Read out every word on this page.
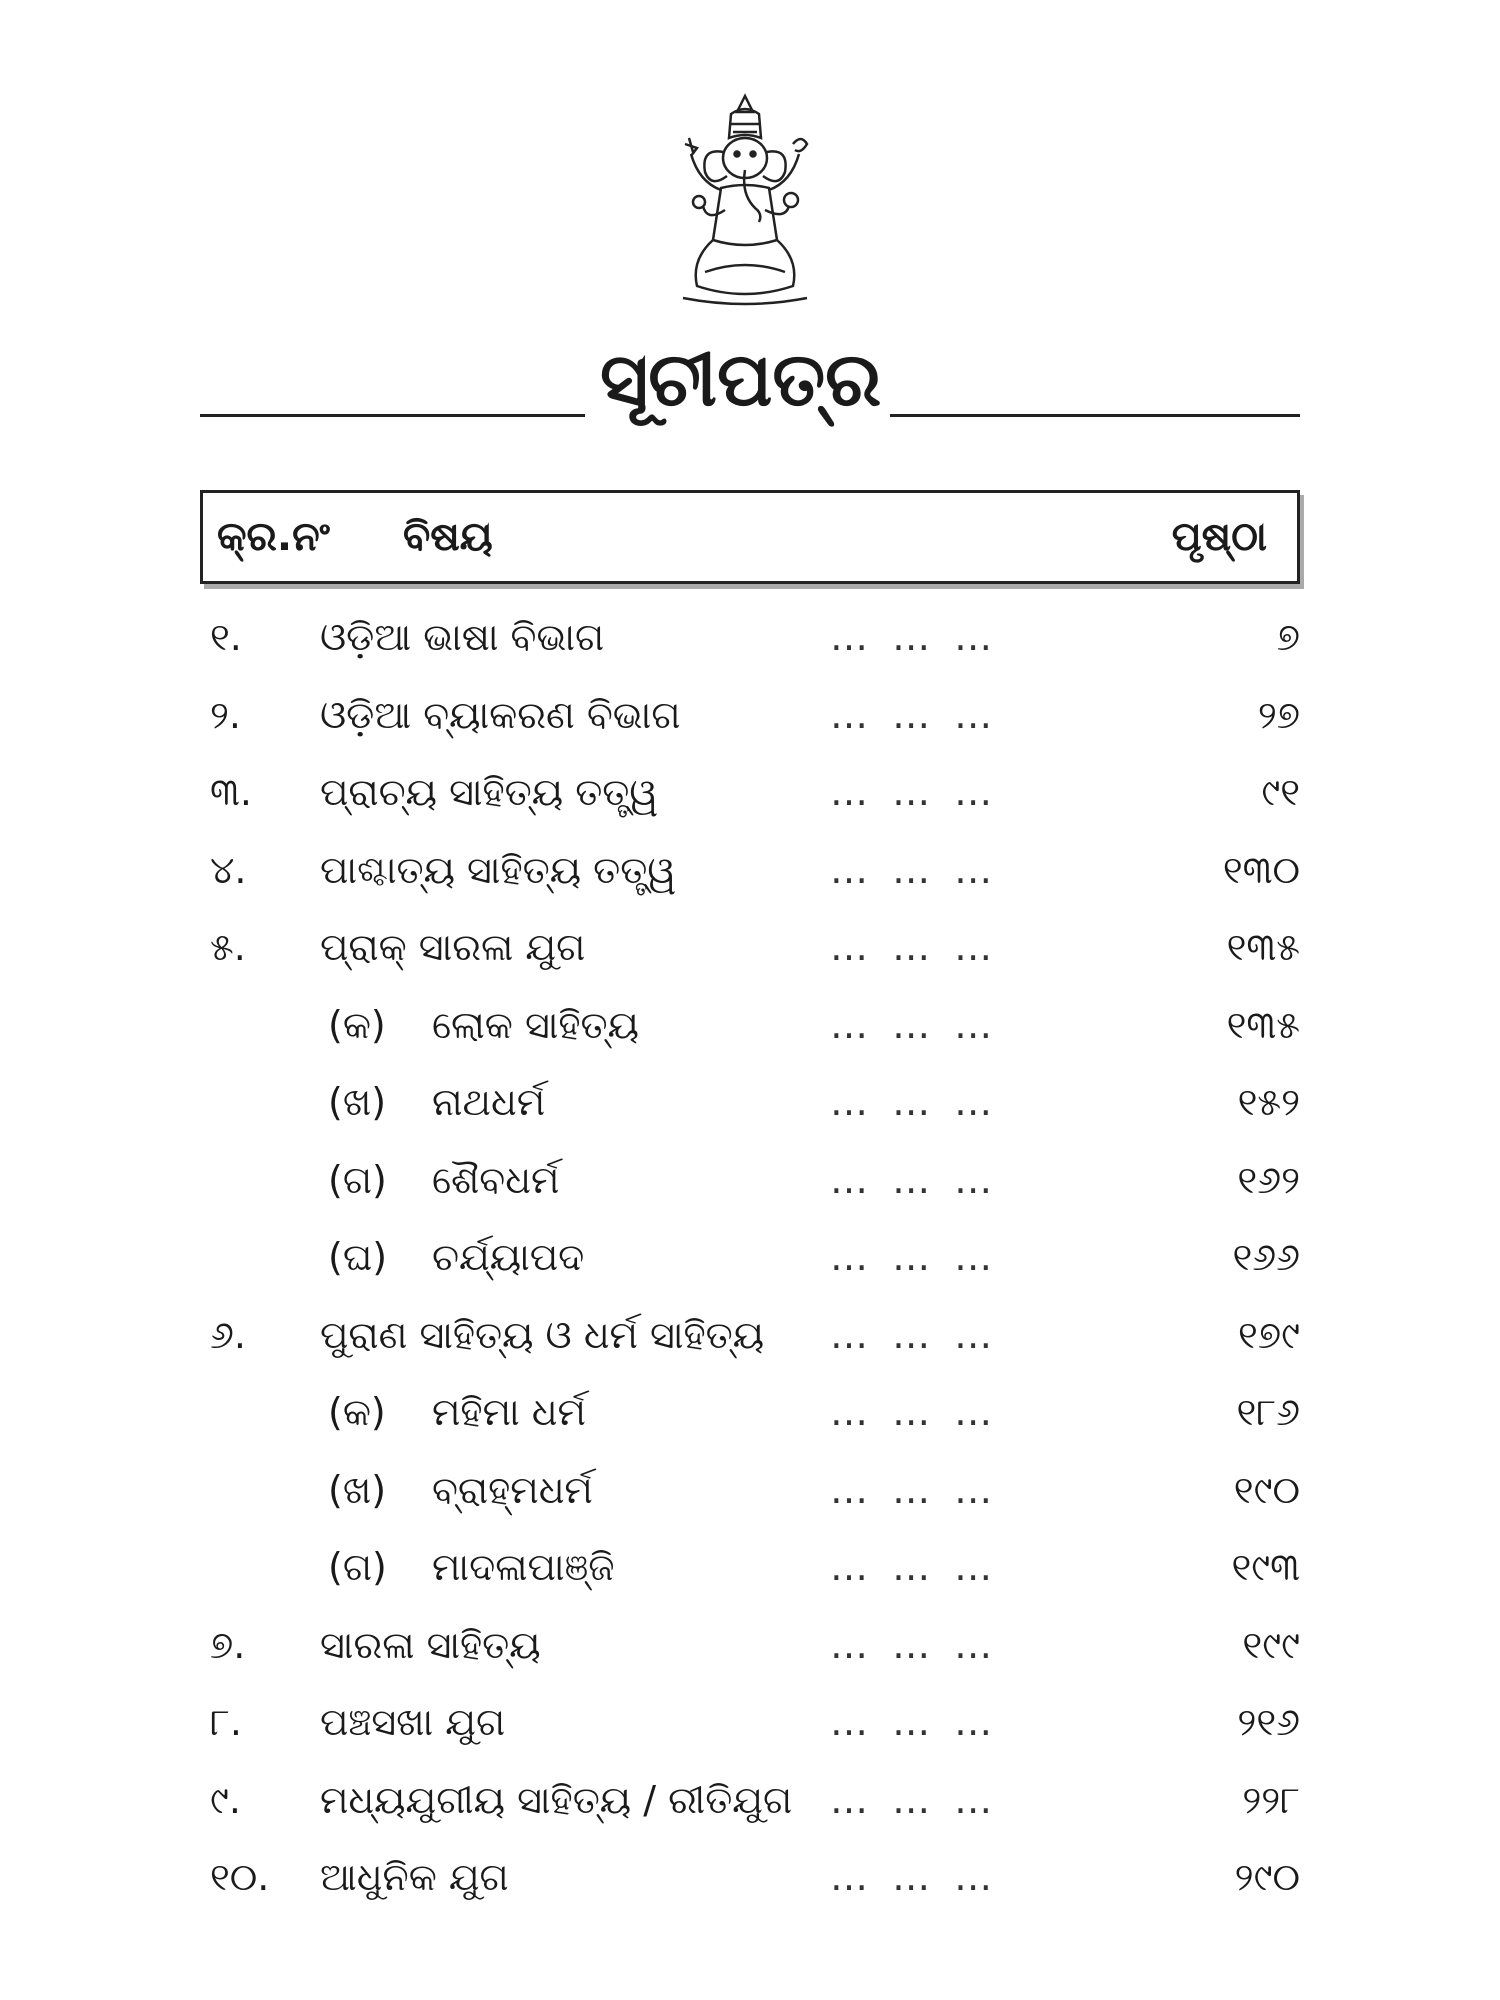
ସୂଚୀପତ୍ର
କ୍ର.ନଂ ବିଷୟ	ପୃଷ୍ଠା
୧. ଓଡ଼ିଆ ଭାଷା ବିଭାଗ	… … …	୭
୨. ଓଡ଼ିଆ ବ୍ୟାକରଣ ବିଭାଗ	… … …	୨୭
୩. ପ୍ରାଚ୍ୟ ସାହିତ୍ୟ ତତ୍ତ୍ୱ	… … …	୯୧
୪. ପାଶ୍ଚାତ୍ୟ ସାହିତ୍ୟ ତତ୍ତ୍ୱ	… … …	୧୩୦
୫. ପ୍ରାକ୍ ସାରଳା ଯୁଗ	… … …	୧୩୫
(କ) ଲୋକ ସାହିତ୍ୟ	… … …	୧୩୫
(ଖ) ନାଥଧର୍ମ	… … …	୧୫୨
(ଗ) ଶୈବଧର୍ମ	… … …	୧୬୨
(ଘ) ଚର୍ଯ୍ୟାପଦ	… … …	୧୬୬
୬. ପୁରାଣ ସାହିତ୍ୟ ଓ ଧର୍ମ ସାହିତ୍ୟ … … …	୧୭୯
(କ) ମହିମା ଧର୍ମ	… … …	୧୮୬
(ଖ) ବ୍ରାହ୍ମଧର୍ମ	… … …	୧୯୦
(ଗ) ମାଦଳାପାଞ୍ଜି	… … …	୧୯୩
୭. ସାରଳା ସାହିତ୍ୟ	… … …	୧୯୯
୮. ପଞ୍ଚସଖା ଯୁଗ	… … …	୨୧୬
୯. ମଧ୍ୟଯୁଗୀୟ ସାହିତ୍ୟ / ରୀତିଯୁଗ … … …	୨୨୮
୧୦. ଆଧୁନିକ ଯୁଗ	… … …	୨୯୦
